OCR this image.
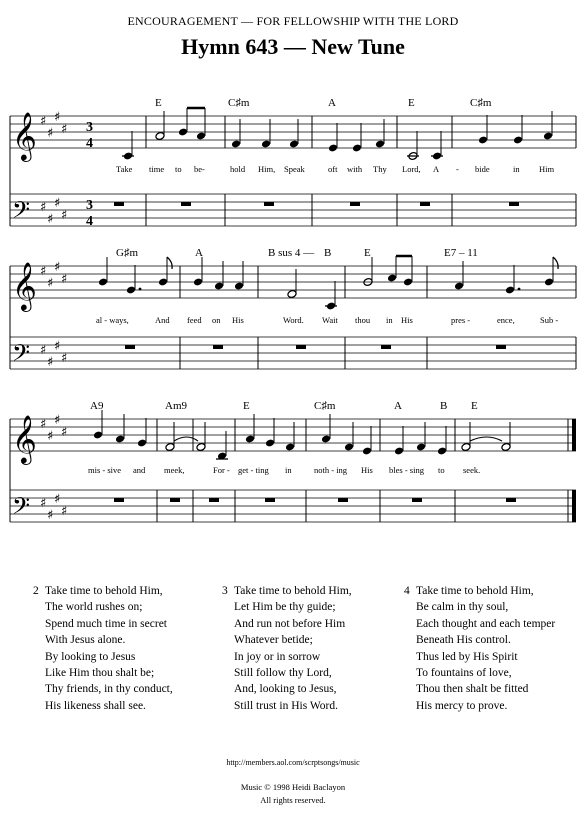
ENCOURAGEMENT — FOR FELLOWSHIP WITH THE LORD
Hymn 643 — New Tune
E	C♯m	A	E	C♯m
𝄞
𝄢
♯
♯
♯
♯
♯
♯
♯
♯
3
4
3
4
Take time to be-	hold Him, Speak	oft with Thy Lord, A - bide	in Him
G♯m	A	B sus 4 — B	E	E7 – 11
𝄞
𝄢
♯
♯
♯
♯
♯
♯
♯
♯
al - ways,	And feed on His	Word. Wait thou in His	pres -	ence,	Sub -
A9	Am9	E	C♯m	A	B E
𝄞
𝄢
♯
♯
♯
♯
♯
♯
♯
♯
mis - sive and meek,	For - get - ting in	noth - ing His bles - sing to seek.
2 Take time to behold Him,
The world rushes on;
Spend much time in secret
With Jesus alone.
By looking to Jesus
Like Him thou shalt be;
Thy friends, in thy conduct,
His likeness shall see.
3 Take time to behold Him,
Let Him be thy guide;
And run not before Him
Whatever betide;
In joy or in sorrow
Still follow thy Lord,
And, looking to Jesus,
Still trust in His Word.
4 Take time to behold Him,
Be calm in thy soul,
Each thought and each temper
Beneath His control.
Thus led by His Spirit
To fountains of love,
Thou then shalt be fitted
His mercy to prove.
http://members.aol.com/scrptsongs/music
Music © 1998 Heidi Baclayon
All rights reserved.
